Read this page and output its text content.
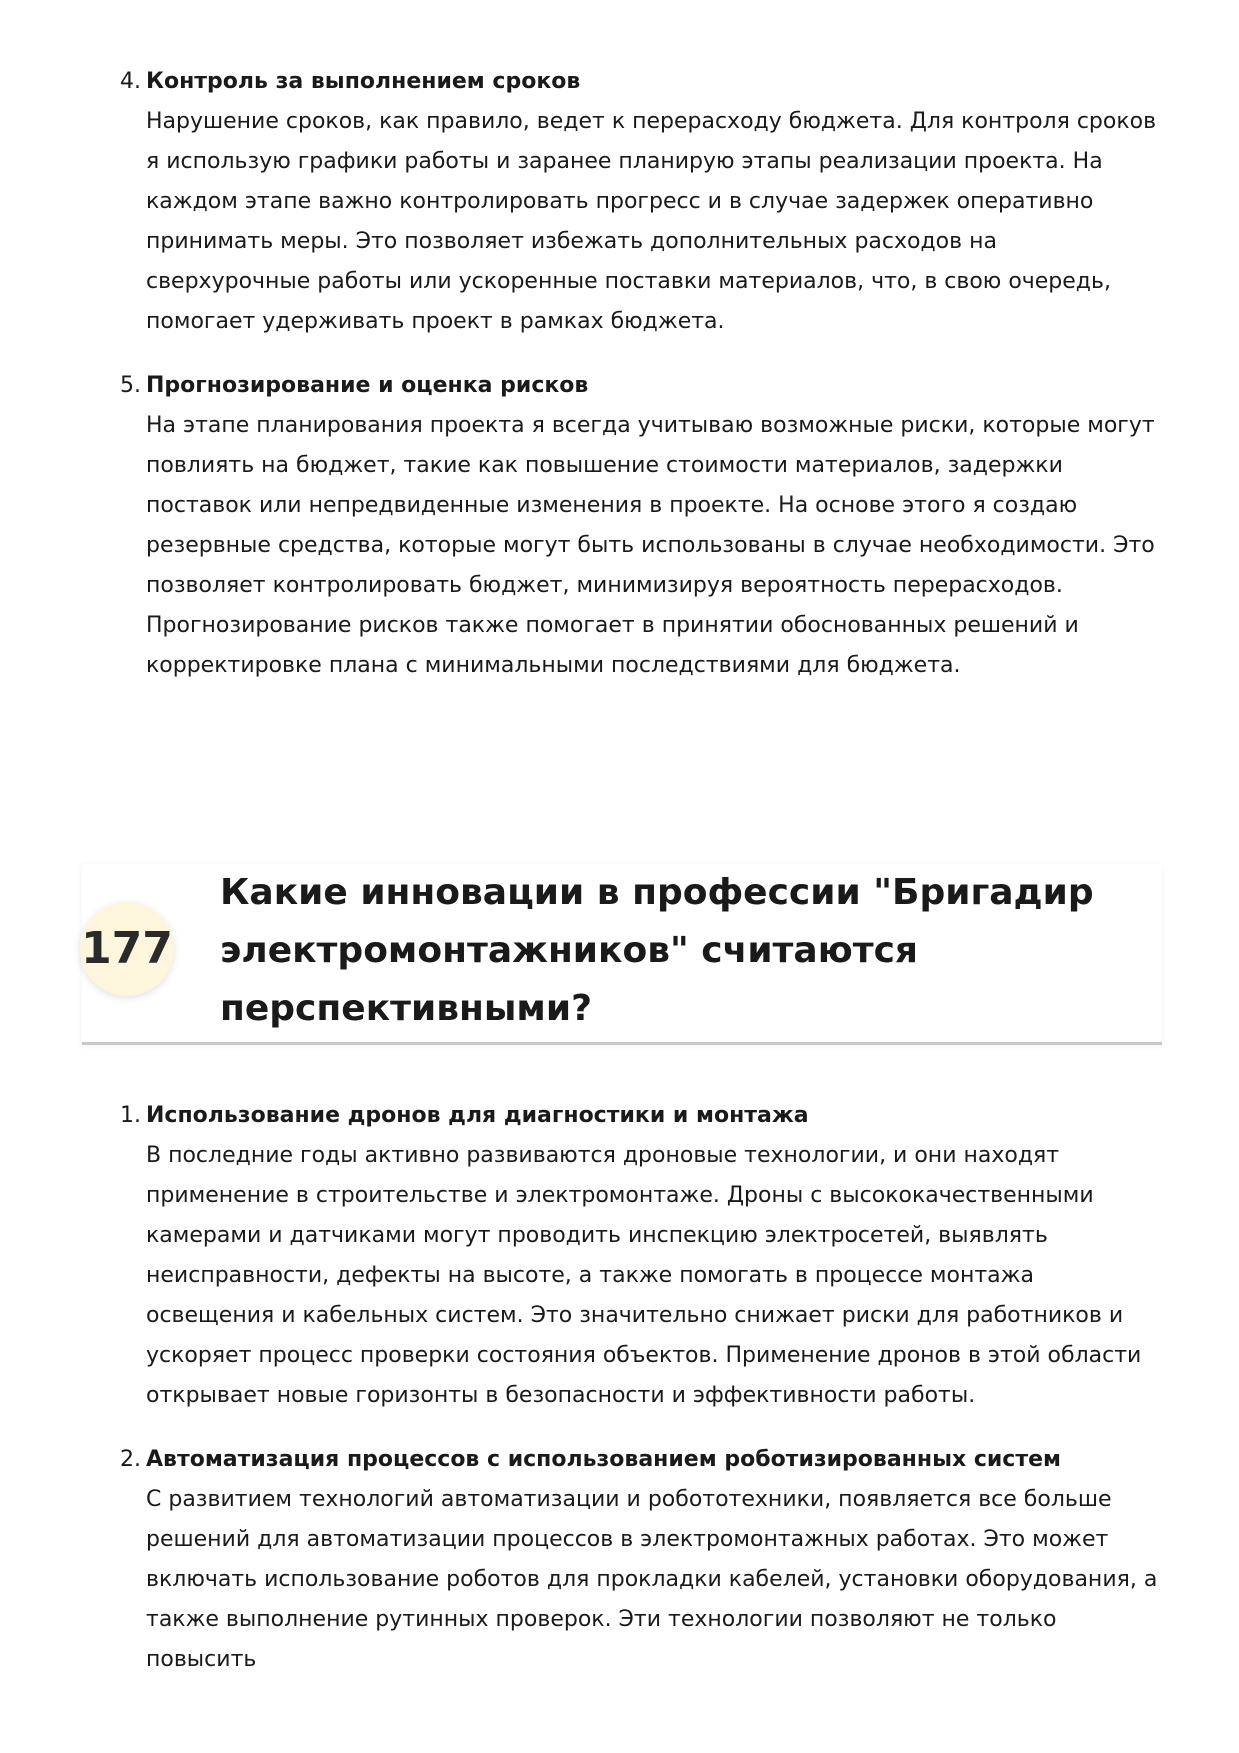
4. Контроль за выполнением сроков

Нарушение сроков, как правило, ведет к перерасходу бюджета. Для контроля сроков я использую графики работы и заранее планирую этапы реализации проекта. На каждом этапе важно контролировать прогресс и в случае задержек оперативно принимать меры. Это позволяет избежать дополнительных расходов на сверхурочные работы или ускоренные поставки материалов, что, в свою очередь, помогает удерживать проект в рамках бюджета.

5. Прогнозирование и оценка рисков

На этапе планирования проекта я всегда учитываю возможные риски, которые могут повлиять на бюджет, такие как повышение стоимости материалов, задержки поставок или непредвиденные изменения в проекте. На основе этого я создаю резервные средства, которые могут быть использованы в случае необходимости. Это позволяет контролировать бюджет, минимизируя вероятность перерасходов. Прогнозирование рисков также помогает в принятии обоснованных решений и корректировке плана с минимальными последствиями для бюджета.

177
Какие инновации в профессии "Бригадир электромонтажников" считаются перспективными?
1. Использование дронов для диагностики и монтажа

В последние годы активно развиваются дроновые технологии, и они находят применение в строительстве и электромонтаже. Дроны с высококачественными камерами и датчиками могут проводить инспекцию электросетей, выявлять неисправности, дефекты на высоте, а также помогать в процессе монтажа освещения и кабельных систем. Это значительно снижает риски для работников и ускоряет процесс проверки состояния объектов. Применение дронов в этой области открывает новые горизонты в безопасности и эффективности работы.

2. Автоматизация процессов с использованием роботизированных систем

С развитием технологий автоматизации и робототехники, появляется все больше решений для автоматизации процессов в электромонтажных работах. Это может включать использование роботов для прокладки кабелей, установки оборудования, а также выполнение рутинных проверок. Эти технологии позволяют не только повысить
